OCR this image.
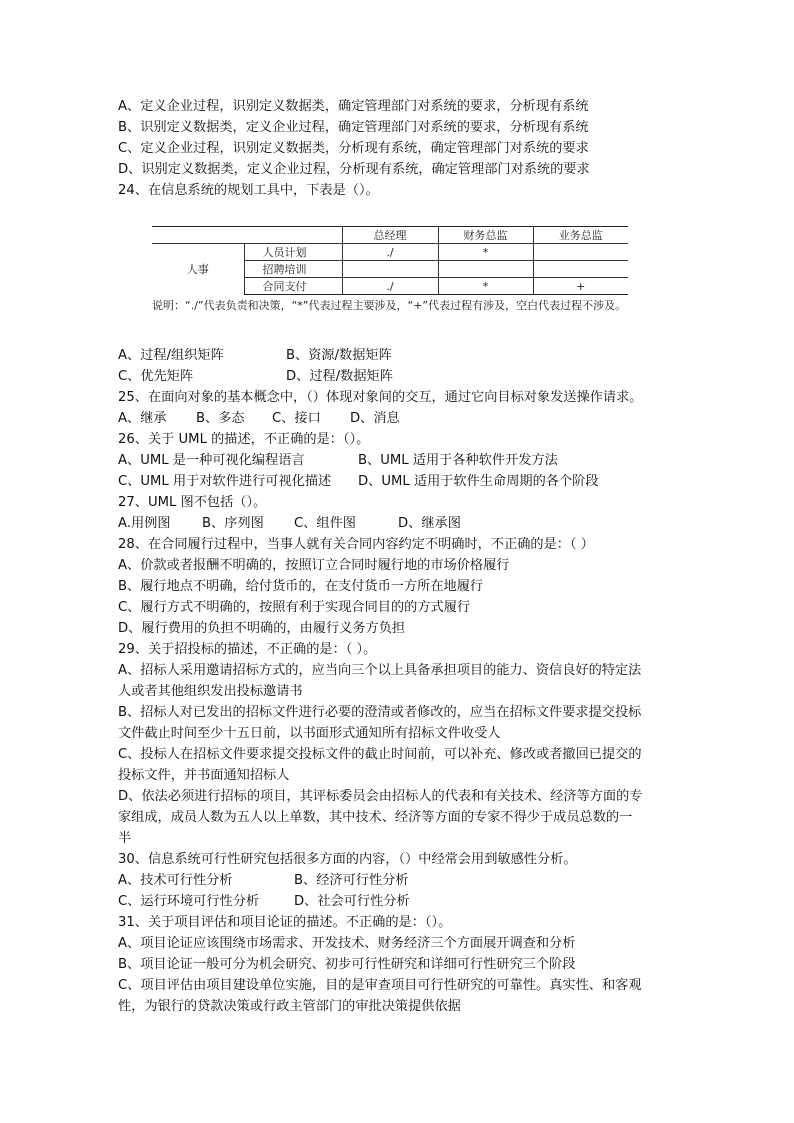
A、定义企业过程，识别定义数据类，确定管理部门对系统的要求，分析现有系统
B、识别定义数据类，定义企业过程，确定管理部门对系统的要求，分析现有系统
C、定义企业过程，识别定义数据类，分析现有系统，确定管理部门对系统的要求
D、识别定义数据类，定义企业过程，分析现有系统，确定管理部门对系统的要求
24、在信息系统的规划工具中，下表是（）。
		总经理	财务总监	业务总监
人事	人员计划	./	*	
	招聘培训			
	合同支付	./	*	+
说明：“./”代表负责和决策，“*”代表过程主要涉及，“+”代表过程有涉及，空白代表过程不涉及。
A、过程/组织矩阵	B、资源/数据矩阵
C、优先矩阵	D、过程/数据矩阵
25、在面向对象的基本概念中，（）体现对象间的交互，通过它向目标对象发送操作请求。
A、继承 B、多态 C、接口 D、消息
26、关于 UML 的描述，不正确的是：（）。
A、UML 是一种可视化编程语言	B、UML 适用于各种软件开发方法
C、UML 用于对软件进行可视化描述 D、UML 适用于软件生命周期的各个阶段
27、UML 图不包括（）。
A.用例图 B、序列图 C、组件图	D、继承图
28、在合同履行过程中，当事人就有关合同内容约定不明确时，不正确的是：（ ）
A、价款或者报酬不明确的，按照订立合同时履行地的市场价格履行
B、履行地点不明确，给付货币的，在支付货币一方所在地履行
C、履行方式不明确的，按照有利于实现合同目的的方式履行
D、履行费用的负担不明确的，由履行义务方负担
29、关于招投标的描述，不正确的是：（ ）。
A、招标人采用邀请招标方式的，应当向三个以上具备承担项目的能力、资信良好的特定法
人或者其他组织发出投标邀请书
B、招标人对已发出的招标文件进行必要的澄清或者修改的，应当在招标文件要求提交投标
文件截止时间至少十五日前，以书面形式通知所有招标文件收受人
C、投标人在招标文件要求提交投标文件的截止时间前，可以补充、修改或者撤回已提交的
投标文件，并书面通知招标人
D、依法必须进行招标的项目，其评标委员会由招标人的代表和有关技术、经济等方面的专
家组成，成员人数为五人以上单数，其中技术、经济等方面的专家不得少于成员总数的一
半
30、信息系统可行性研究包括很多方面的内容，（）中经常会用到敏感性分析。
A、技术可行性分析	B、经济可行性分析
C、运行环境可行性分析	D、社会可行性分析
31、关于项目评估和项目论证的描述。不正确的是：（）。
A、项目论证应该围绕市场需求、开发技术、财务经济三个方面展开调查和分析
B、项目论证一般可分为机会研究、初步可行性研究和详细可行性研究三个阶段
C、项目评估由项目建设单位实施，目的是审查项目可行性研究的可靠性。真实性、和客观
性，为银行的贷款决策或行政主管部门的审批决策提供依据
